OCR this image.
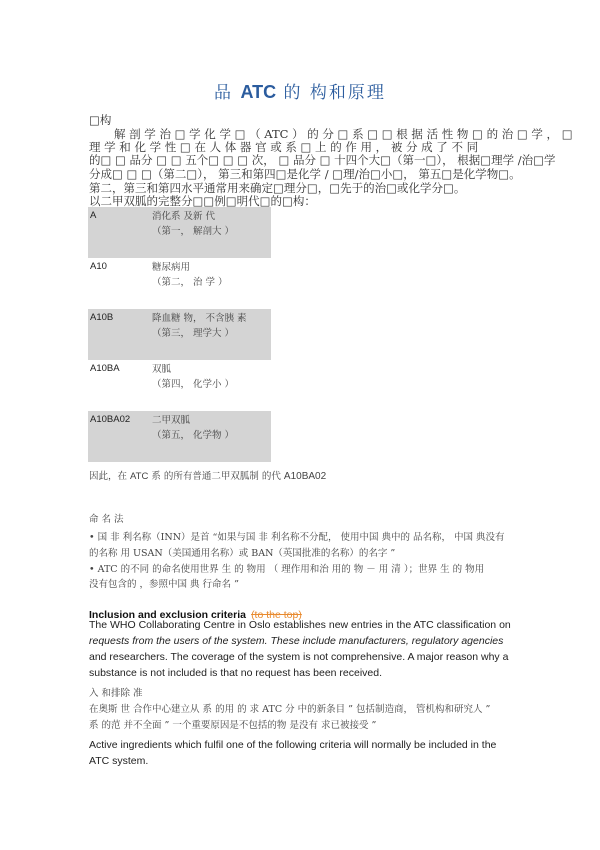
品 ATC 的 构和原理
□构
解 剖 学 治 □ 学 化 学 □ （ ATC ） 的 分 □ 系 □ □ 根 据 活 性 物 □ 的 治 □ 学 ， □
理 学 和 化 学 性 □ 在 人 体 器 官 或 系 □ 上 的 作 用 ， 被 分 成 了 不 同
的□ □ 品分 □ □ 五个□ □ □ 次， □ 品分 □ 十四个大□（第一□）， 根据□理学 /治□学
分成□ □ □（第二□）， 第三和第四□是化学 / □理/治□小□， 第五□是化学物□。
第二，第三和第四水平通常用来确定□理分□，□先于的治□或化学分□。
A	消化系 及新 代
（第一， 解剖大 ）

A10	糖尿病用
（第二， 治 学 ）

A10B	降血糖 物， 不含胰 素
（第三， 理学大 ）

A10BA	双胍
（第四， 化学小 ）

A10BA02	二甲双胍
（第五， 化学物 ）
因此，在 ATC 系 的所有普通二甲双胍制 的代 A10BA02
命 名 法
• 国 非 利名称（INN）是首 “如果与国 非 利名称不分配， 使用中国 典中的 品名称， 中国 典没有
的名称 用 USAN（美国通用名称）或 BAN（英国批准的名称）的名字 ”
• ATC 的不同 的命名使用世界 生 的 物用 （ 理作用和治 用的 物 － 用 清 ）；世界 生 的 物用
没有包含的 ，参照中国 典 行命名 ”
Inclusion and exclusion criteria (to the top)
The WHO Collaborating Centre in Oslo establishes new entries in the ATC classification on
requests from the users of the system. These include manufacturers, regulatory agencies
and researchers. The coverage of the system is not comprehensive. A major reason why a
substance is not included is that no request has been received.
入 和排除 准
在奥斯 世 合作中心建立从 系 的用 的 求 ATC 分 中的新条目 ” 包括制造商， 管机构和研究人 ”
系 的范 并不全面 ” 一个重要原因是不包括的物 是没有 求已被接受 ”
Active ingredients which fulfil one of the following criteria will normally be included in the
ATC system.
以二甲双胍的完整分□□例□明代□的□构：
